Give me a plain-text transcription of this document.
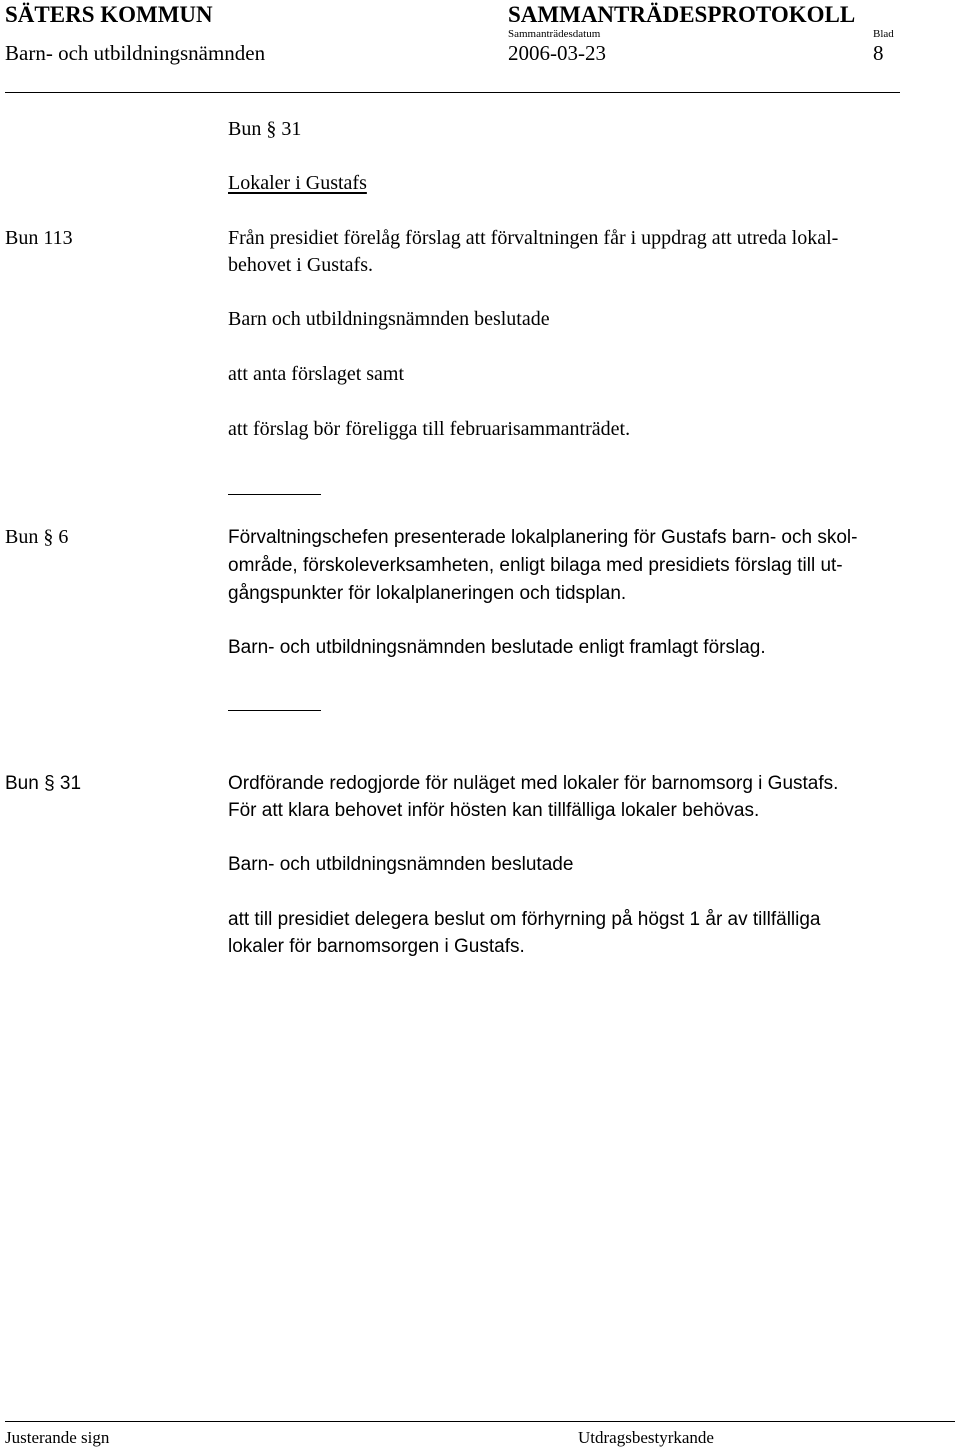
SÄTERS KOMMUN	SAMMANTRÄDESPROTOKOLL
Sammanträdesdatum	Blad
Barn- och utbildningsnämnden	2006-03-23	8
Bun § 31
Lokaler i Gustafs
Bun 113	Från presidiet förelåg förslag att förvaltningen får i uppdrag att utreda lokal-
behovet i Gustafs.
Barn och utbildningsnämnden beslutade
att anta förslaget samt
att förslag bör föreligga till februarisammanträdet.
Bun § 6	Förvaltningschefen presenterade lokalplanering för Gustafs barn- och skol-
område, förskoleverksamheten, enligt bilaga med presidiets förslag till ut-
gångspunkter för lokalplaneringen och tidsplan.
Barn- och utbildningsnämnden beslutade enligt framlagt förslag.
Bun § 31	Ordförande redogjorde för nuläget med lokaler för barnomsorg i Gustafs.
För att klara behovet inför hösten kan tillfälliga lokaler behövas.
Barn- och utbildningsnämnden beslutade
att till presidiet delegera beslut om förhyrning på högst 1 år av tillfälliga
lokaler för barnomsorgen i Gustafs.
Justerande sign	Utdragsbestyrkande
